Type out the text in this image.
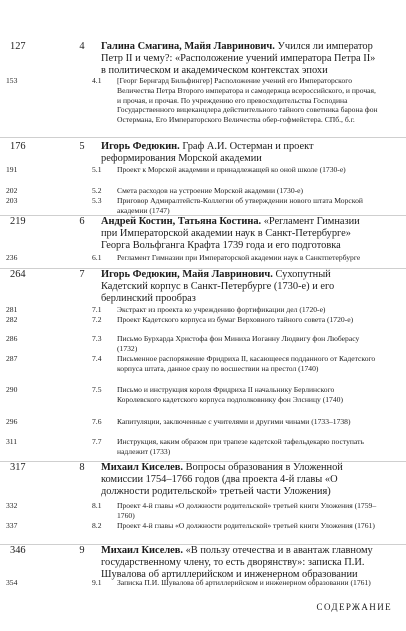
127	4	Галина Смагина, Майя Лавринович. Учился ли император Петр II и чему?: «Расположение учений императора Петра II» в политическом и академическом контекстах эпохи
153	4.1	[Георг Бернгард Бильфингер] Расположение учений его Императорского Величества Петра Второго императора и самодержца всероссийского, и прочая, и прочая, и прочая. По учреждению его превосходительства Господина Государственного вицеканцлера действительного тайного советника барона фон Остермана, Его Императорского Величества обер-гофмейстера. СПб., б.г.
176	5	Игорь Федюкин. Граф А.И. Остерман и проект реформирования Морской академии
191	5.1	Проект к Морской академии и принадлежащей ко оной школе (1730-е)
202	5.2	Смета расходов на устроение Морской академии (1730-е)
203	5.3	Приговор Адмиралтейств-Коллегии об утверждении нового штата Морской академии (1747)
219	6	Андрей Костин, Татьяна Костина. «Регламент Гимназии при Императорской академии наук в Санкт-Петербурге» Георга Вольфганга Крафта 1739 года и его подготовка
236	6.1	Регламент Гимназии при Императорской академии наук в Санктпетербурге
264	7	Игорь Федюкин, Майя Лавринович. Сухопутный Кадетский корпус в Санкт-Петербурге (1730-е) и его берлинский прообраз
281	7.1	Экстракт из проекта ко учреждению фортификации дел (1720-е)
282	7.2	Проект Кадетского корпуса из бумаг Верховного тайного совета (1720-е)
286	7.3	Письмо Бурхарда Христофа фон Миниха Иоганну Людвигу фон Люберасу (1732)
287	7.4	Письменное распоряжение Фридриха II, касающееся подданного от Кадетского корпуса штата, данное сразу по восшествии на престол (1740)
290	7.5	Письмо и инструкция короля Фридриха II начальнику Берлинского Королевского кадетского корпуса подполковнику фон Элсницу (1740)
296	7.6	Капитуляции, заключенные с учителями и другими чинами (1733–1738)
311	7.7	Инструкция, каким образом при трапезе кадетской тафельдекарю поступать надлежит (1733)
317	8	Михаил Киселев. Вопросы образования в Уложенной комиссии 1754–1766 годов (два проекта 4-й главы «О должности родительской» третьей части Уложения)
332	8.1	Проект 4-й главы «О должности родительской» третьей книги Уложения (1759–1760)
337	8.2	Проект 4-й главы «О должности родительской» третьей книги Уложения (1761)
346	9	Михаил Киселев. «В пользу отечества и в авантаж главному государственному члену, то есть дворянству»: записка П.И. Шувалова об артиллерийском и инженерном образовании
354	9.1	Записка П.И. Шувалова об артиллерийском и инженерном образовании (1761)
СОДЕРЖАНИЕ
